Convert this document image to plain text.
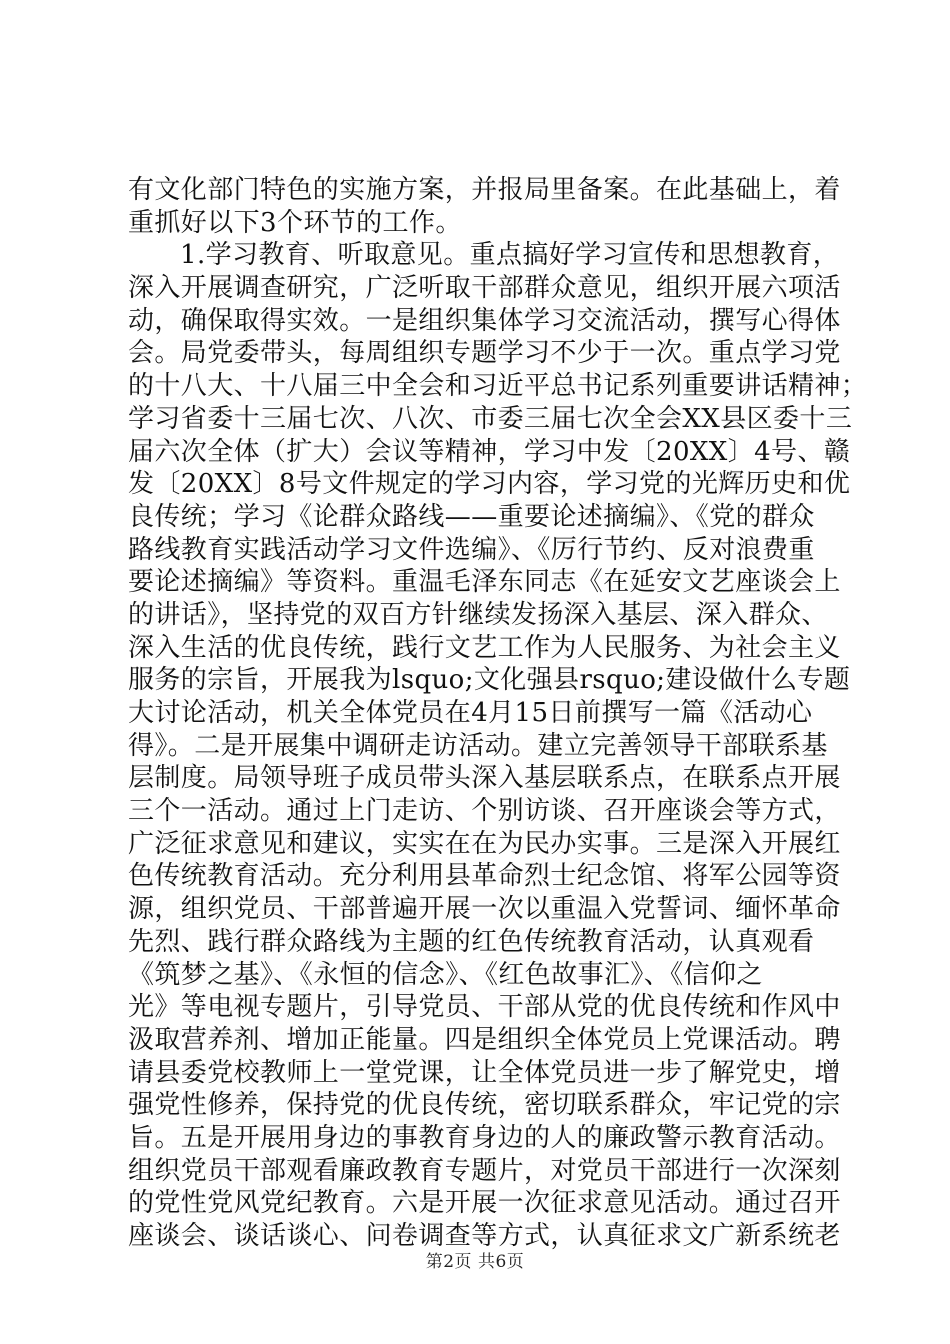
有文化部门特色的实施方案，并报局里备案。在此基础上，着
重抓好以下3个环节的工作。
1.学习教育、听取意见。重点搞好学习宣传和思想教育，
深入开展调查研究，广泛听取干部群众意见，组织开展六项活
动，确保取得实效。一是组织集体学习交流活动，撰写心得体
会。局党委带头，每周组织专题学习不少于一次。重点学习党
的十八大、十八届三中全会和习近平总书记系列重要讲话精神；
学习省委十三届七次、八次、市委三届七次全会XX县区委十三
届六次全体（扩大）会议等精神，学习中发〔20XX〕4号、赣
发〔20XX〕8号文件规定的学习内容，学习党的光辉历史和优
良传统；学习《论群众路线——重要论述摘编》、《党的群众
路线教育实践活动学习文件选编》、《厉行节约、反对浪费重
要论述摘编》等资料。重温毛泽东同志《在延安文艺座谈会上
的讲话》，坚持党的双百方针继续发扬深入基层、深入群众、
深入生活的优良传统，践行文艺工作为人民服务、为社会主义
服务的宗旨，开展我为lsquo;文化强县rsquo;建设做什么专题
大讨论活动，机关全体党员在4月15日前撰写一篇《活动心
得》。二是开展集中调研走访活动。建立完善领导干部联系基
层制度。局领导班子成员带头深入基层联系点，在联系点开展
三个一活动。通过上门走访、个别访谈、召开座谈会等方式，
广泛征求意见和建议，实实在在为民办实事。三是深入开展红
色传统教育活动。充分利用县革命烈士纪念馆、将军公园等资
源，组织党员、干部普遍开展一次以重温入党誓词、缅怀革命
先烈、践行群众路线为主题的红色传统教育活动，认真观看
《筑梦之基》、《永恒的信念》、《红色故事汇》、《信仰之
光》等电视专题片，引导党员、干部从党的优良传统和作风中
汲取营养剂、增加正能量。四是组织全体党员上党课活动。聘
请县委党校教师上一堂党课，让全体党员进一步了解党史，增
强党性修养，保持党的优良传统，密切联系群众，牢记党的宗
旨。五是开展用身边的事教育身边的人的廉政警示教育活动。
组织党员干部观看廉政教育专题片，对党员干部进行一次深刻
的党性党风党纪教育。六是开展一次征求意见活动。通过召开
座谈会、谈话谈心、问卷调查等方式，认真征求文广新系统老
第2页 共6页
